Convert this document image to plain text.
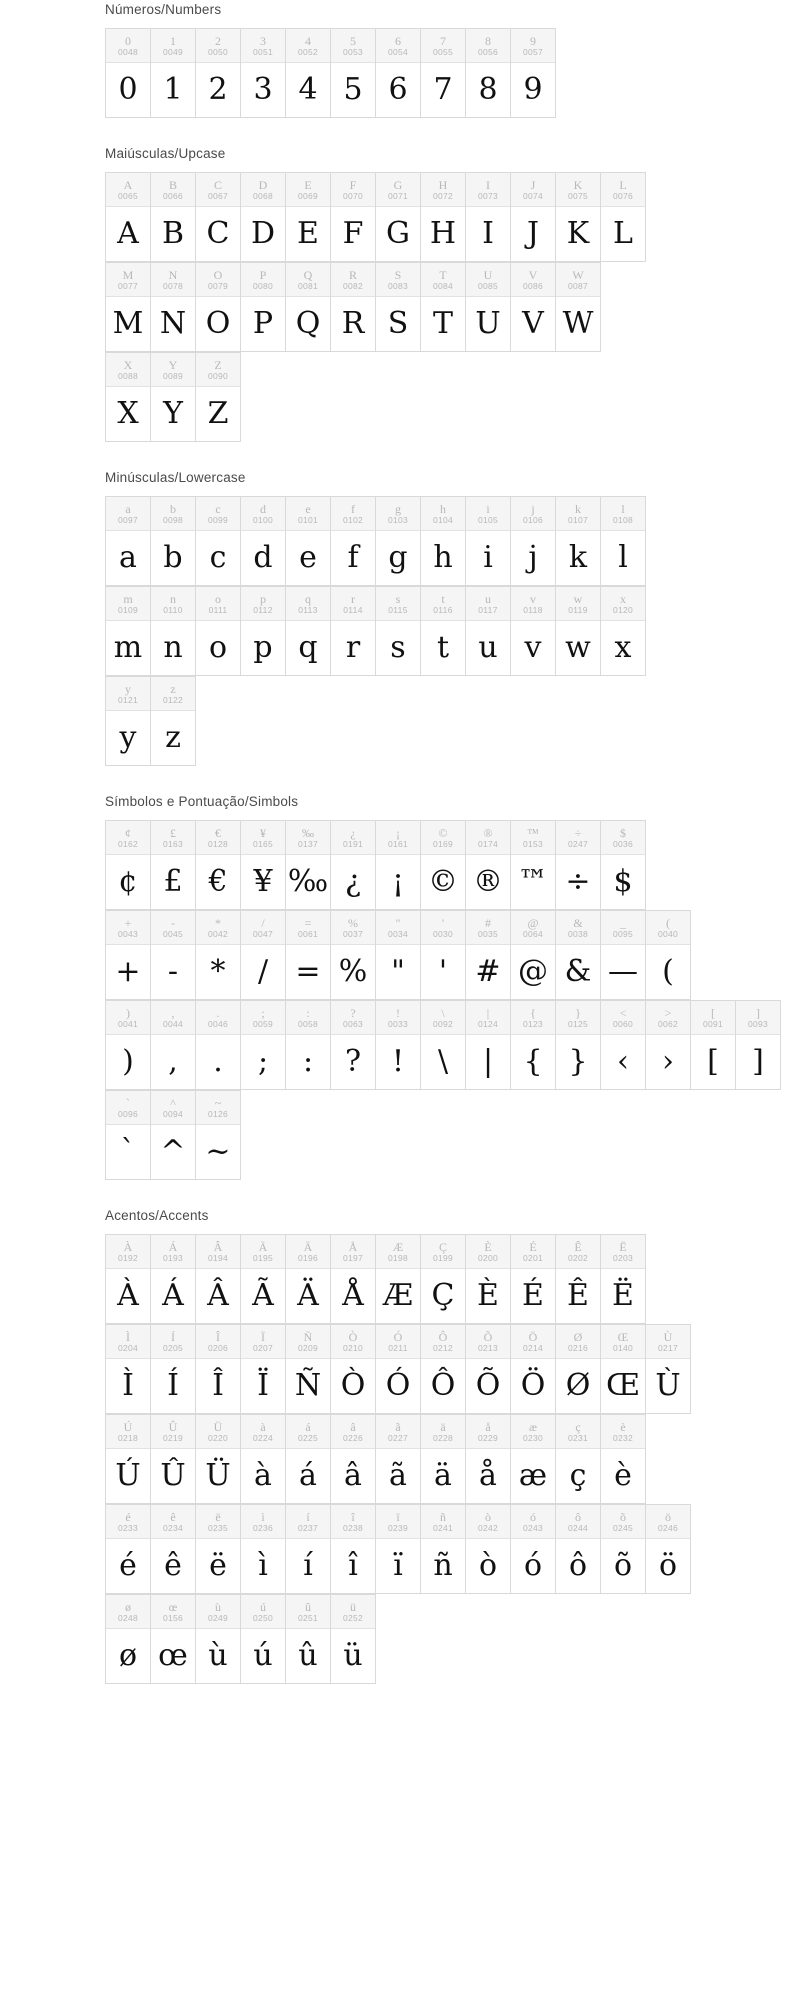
Números/Numbers
0
0048
0
1
0049
1
2
0050
2
3
0051
3
4
0052
4
5
0053
5
6
0054
6
7
0055
7
8
0056
8
9
0057
9
Maiúsculas/Upcase
A
0065
A
B
0066
B
C
0067
C
D
0068
D
E
0069
E
F
0070
F
G
0071
G
H
0072
H
I
0073
I
J
0074
J
K
0075
K
L
0076
L
M
0077
M
N
0078
N
O
0079
O
P
0080
P
Q
0081
Q
R
0082
R
S
0083
S
T
0084
T
U
0085
U
V
0086
V
W
0087
W
X
0088
X
Y
0089
Y
Z
0090
Z
Minúsculas/Lowercase
a
0097
a
b
0098
b
c
0099
c
d
0100
d
e
0101
e
f
0102
f
g
0103
g
h
0104
h
i
0105
i
j
0106
j
k
0107
k
l
0108
l
m
0109
m
n
0110
n
o
0111
o
p
0112
p
q
0113
q
r
0114
r
s
0115
s
t
0116
t
u
0117
u
v
0118
v
w
0119
w
x
0120
x
y
0121
y
z
0122
z
Símbolos e Pontuação/Simbols
¢
0162
¢
£
0163
£
€
0128
€
¥
0165
¥
‰
0137
‰
¿
0191
¿
¡
0161
¡
©
0169
©
®
0174
®
™
0153
™
÷
0247
÷
$
0036
$
+
0043
+
-
0045
-
*
0042
*
/
0047
/
=
0061
=
%
0037
%
"
0034
"
'
0030
'
#
0035
#
@
0064
@
&
0038
&
_
0095
—
(
0040
(
)
0041
)
,
0044
,
.
0046
.
;
0059
;
:
0058
:
?
0063
?
!
0033
!
\
0092
\
|
0124
|
{
0123
{
}
0125
}
<
0060
‹
>
0062
›
[
0091
[
]
0093
]
`
0096
`
^
0094
^
~
0126
~
Acentos/Accents
À
0192
À
Á
0193
Á
Â
0194
Â
Ã
0195
Ã
Ä
0196
Ä
Å
0197
Å
Æ
0198
Æ
Ç
0199
Ç
È
0200
È
É
0201
É
Ê
0202
Ê
Ë
0203
Ë
Ì
0204
Ì
Í
0205
Í
Î
0206
Î
Ï
0207
Ï
Ñ
0209
Ñ
Ò
0210
Ò
Ó
0211
Ó
Ô
0212
Ô
Õ
0213
Õ
Ö
0214
Ö
Ø
0216
Ø
Œ
0140
Œ
Ù
0217
Ù
Ú
0218
Ú
Û
0219
Û
Ü
0220
Ü
à
0224
à
á
0225
á
â
0226
â
ã
0227
ã
ä
0228
ä
å
0229
å
æ
0230
æ
ç
0231
ç
è
0232
è
é
0233
é
ê
0234
ê
ë
0235
ë
ì
0236
ì
í
0237
í
î
0238
î
ï
0239
ï
ñ
0241
ñ
ò
0242
ò
ó
0243
ó
ô
0244
ô
õ
0245
õ
ö
0246
ö
ø
0248
ø
œ
0156
œ
ù
0249
ù
ú
0250
ú
û
0251
û
ü
0252
ü
